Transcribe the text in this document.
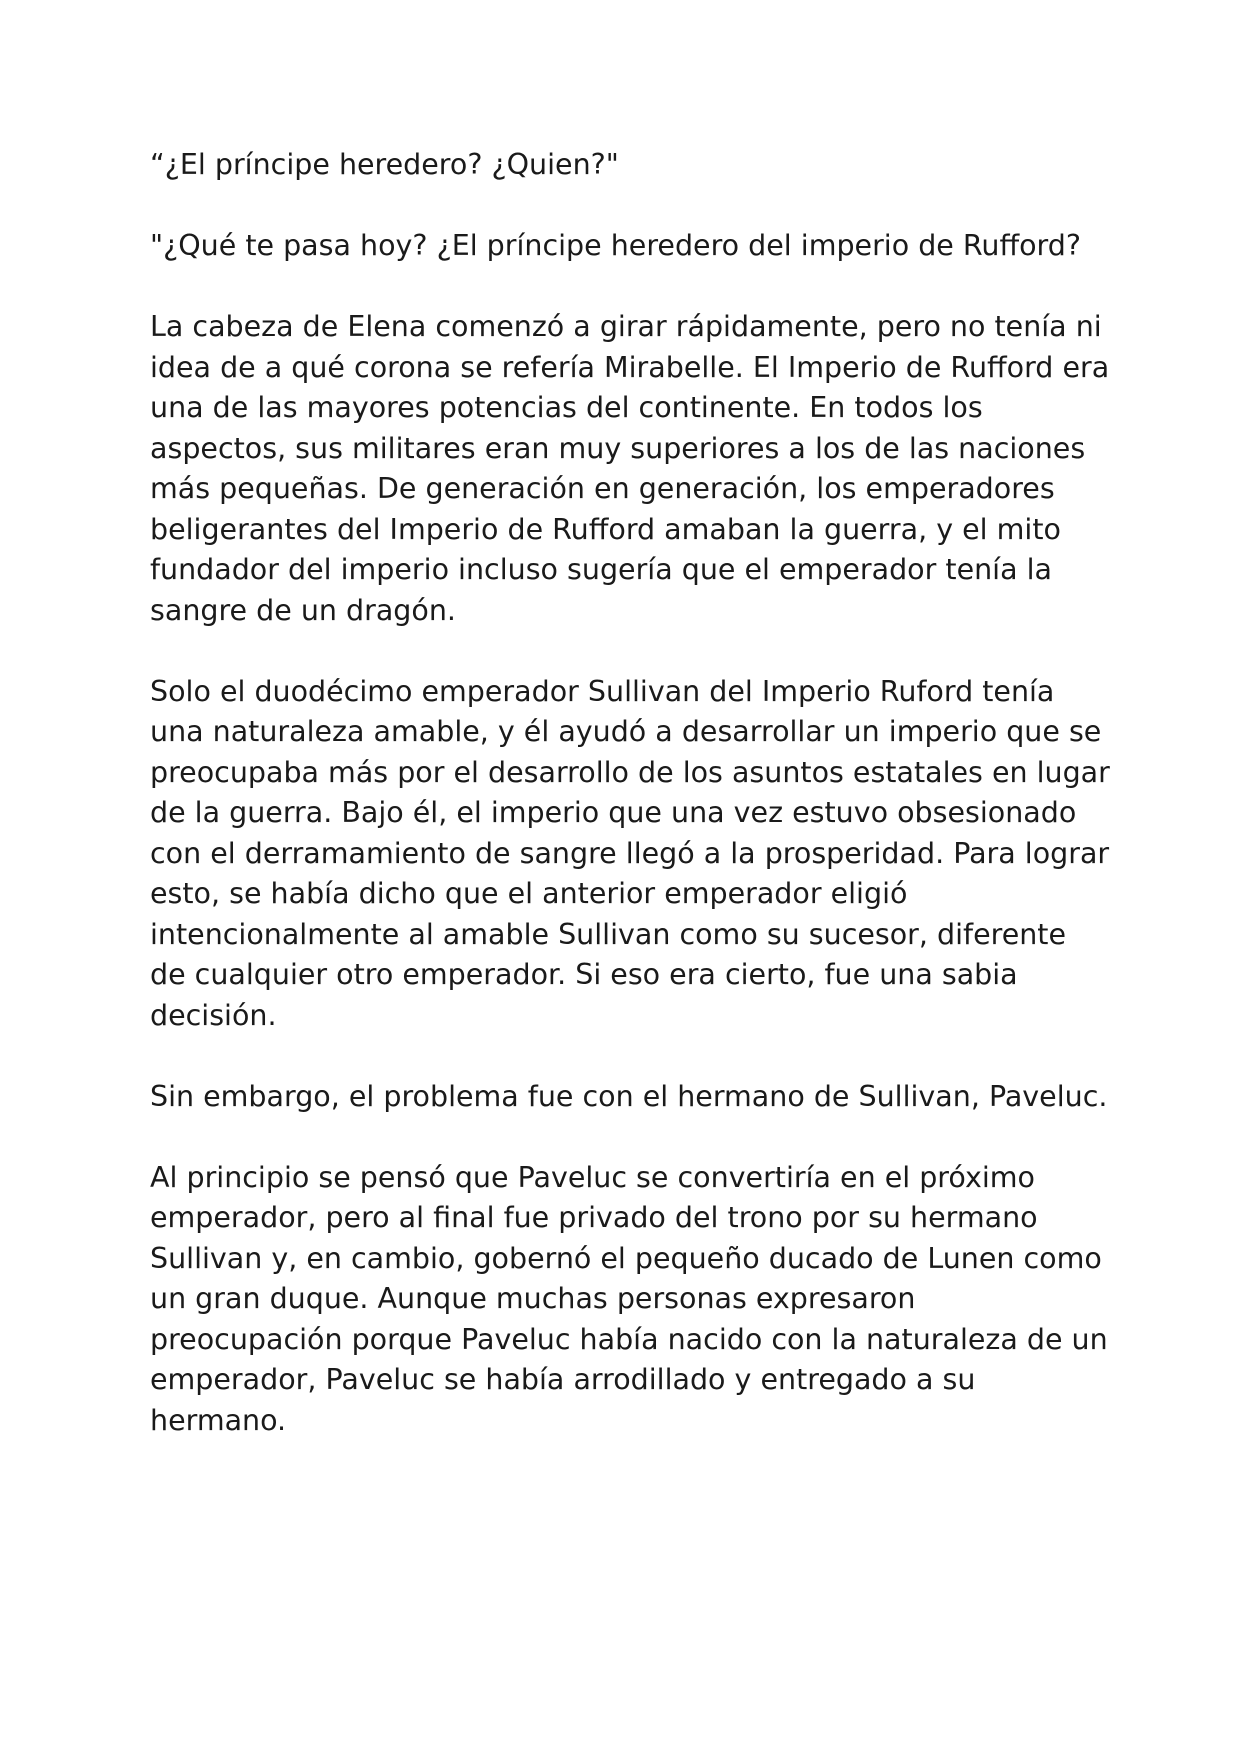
“¿El príncipe heredero? ¿Quien?"

"¿Qué te pasa hoy? ¿El príncipe heredero del imperio de Rufford?

La cabeza de Elena comenzó a girar rápidamente, pero no tenía ni idea de a qué corona se refería Mirabelle. El Imperio de Rufford era una de las mayores potencias del continente. En todos los aspectos, sus militares eran muy superiores a los de las naciones más pequeñas. De generación en generación, los emperadores beligerantes del Imperio de Rufford amaban la guerra, y el mito fundador del imperio incluso sugería que el emperador tenía la sangre de un dragón.

Solo el duodécimo emperador Sullivan del Imperio Ruford tenía una naturaleza amable, y él ayudó a desarrollar un imperio que se preocupaba más por el desarrollo de los asuntos estatales en lugar de la guerra. Bajo él, el imperio que una vez estuvo obsesionado con el derramamiento de sangre llegó a la prosperidad. Para lograr esto, se había dicho que el anterior emperador eligió intencionalmente al amable Sullivan como su sucesor, diferente de cualquier otro emperador. Si eso era cierto, fue una sabia decisión.

Sin embargo, el problema fue con el hermano de Sullivan, Paveluc.

Al principio se pensó que Paveluc se convertiría en el próximo emperador, pero al final fue privado del trono por su hermano Sullivan y, en cambio, gobernó el pequeño ducado de Lunen como un gran duque. Aunque muchas personas expresaron preocupación porque Paveluc había nacido con la naturaleza de un emperador, Paveluc se había arrodillado y entregado a su hermano.
